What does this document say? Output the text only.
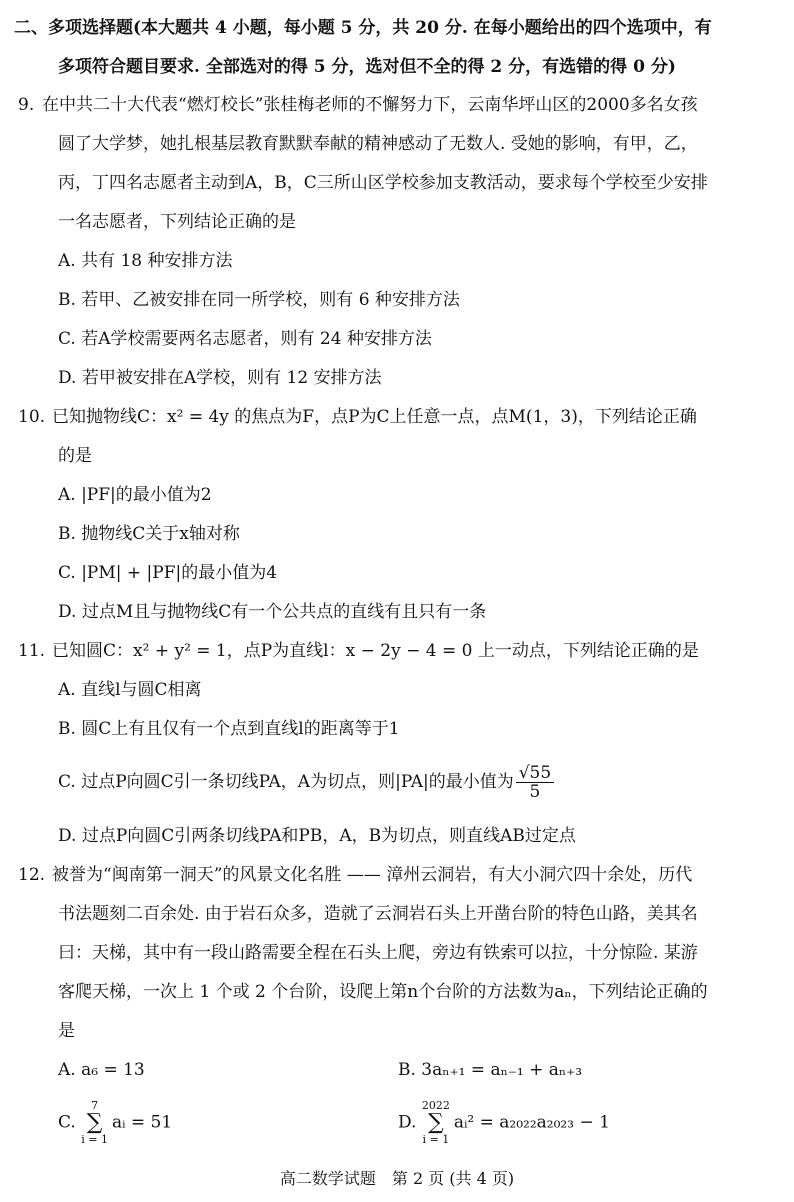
二、多项选择题(本大题共 4 小题，每小题 5 分，共 20 分. 在每小题给出的四个选项中，有
多项符合题目要求. 全部选对的得 5 分，选对但不全的得 2 分，有选错的得 0 分)
9. 在中共二十大代表“燃灯校长”张桂梅老师的不懈努力下，云南华坪山区的2000多名女孩
圆了大学梦，她扎根基层教育默默奉献的精神感动了无数人. 受她的影响，有甲，乙，
丙，丁四名志愿者主动到A，B，C三所山区学校参加支教活动，要求每个学校至少安排
一名志愿者，下列结论正确的是
A. 共有 18 种安排方法
B. 若甲、乙被安排在同一所学校，则有 6 种安排方法
C. 若A学校需要两名志愿者，则有 24 种安排方法
D. 若甲被安排在A学校，则有 12 安排方法
10. 已知抛物线C：x² = 4y 的焦点为F，点P为C上任意一点，点M(1，3)，下列结论正确
的是
A. |PF|的最小值为2
B. 抛物线C关于x轴对称
C. |PM| + |PF|的最小值为4
D. 过点M且与抛物线C有一个公共点的直线有且只有一条
11. 已知圆C：x² + y² = 1，点P为直线l：x − 2y − 4 = 0 上一动点，下列结论正确的是
A. 直线l与圆C相离
B. 圆C上有且仅有一个点到直线l的距离等于1
C. 过点P向圆C引一条切线PA，A为切点，则|PA|的最小值为 $\frac{√55}{5}$
D. 过点P向圆C引两条切线PA和PB，A，B为切点，则直线AB过定点
12. 被誉为“闽南第一洞天”的风景文化名胜 —— 漳州云洞岩，有大小洞穴四十余处，历代
书法题刻二百余处. 由于岩石众多，造就了云洞岩石头上开凿台阶的特色山路，美其名
曰：天梯，其中有一段山路需要全程在石头上爬，旁边有铁索可以拉，十分惊险. 某游
客爬天梯，一次上 1 个或 2 个台阶，设爬上第n个台阶的方法数为aₙ，下列结论正确的
是
A. a₆ = 13	B. 3aₙ₊₁ = aₙ₋₁ + aₙ₊₃
C.
7
∑
i = 1
aᵢ = 51	D.
2022
∑
i = 1
aᵢ² = a₂₀₂₂a₂₀₂₃ − 1
高二数学试题　第 2 页 (共 4 页)
